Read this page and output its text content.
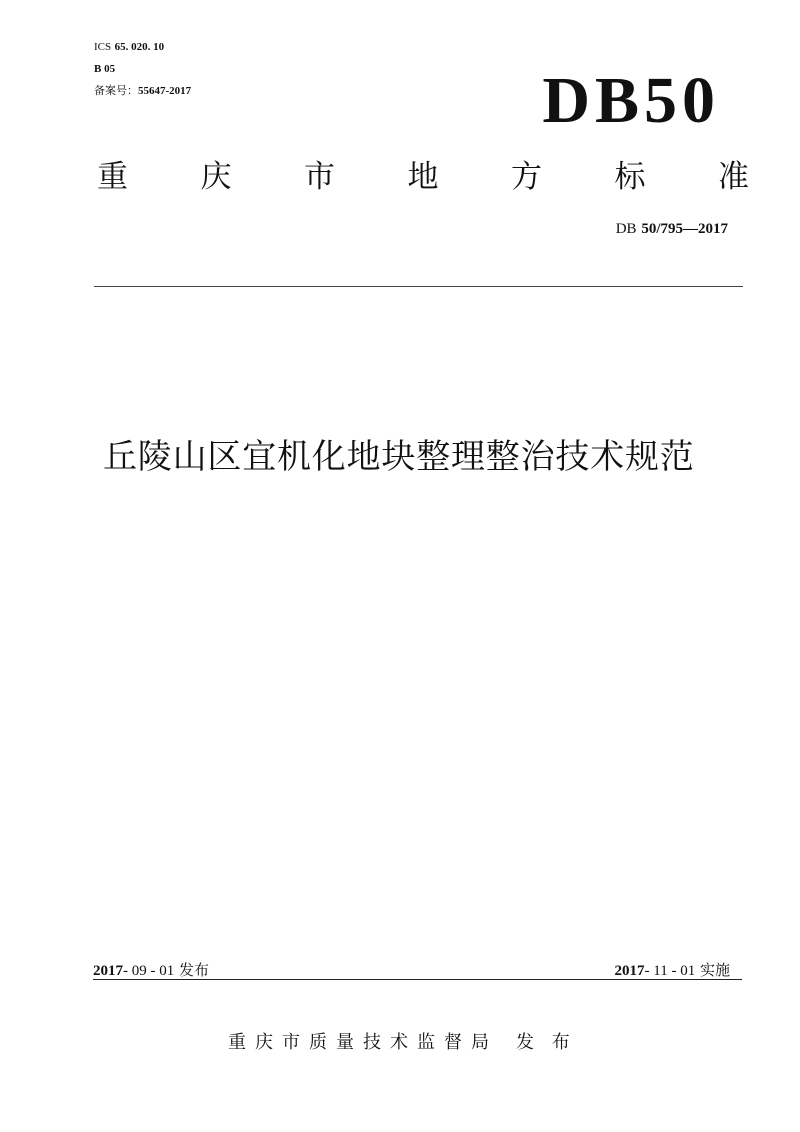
ICS 65. 020. 10
B 05
备案号：55647-2017	DB50
重 庆 市 地 方 标 准
DB 50/795—2017
丘陵山区宜机化地块整理整治技术规范
2017- 09 - 01 发布	2017- 11 - 01 实施
重庆市质量技术监督局 发 布
